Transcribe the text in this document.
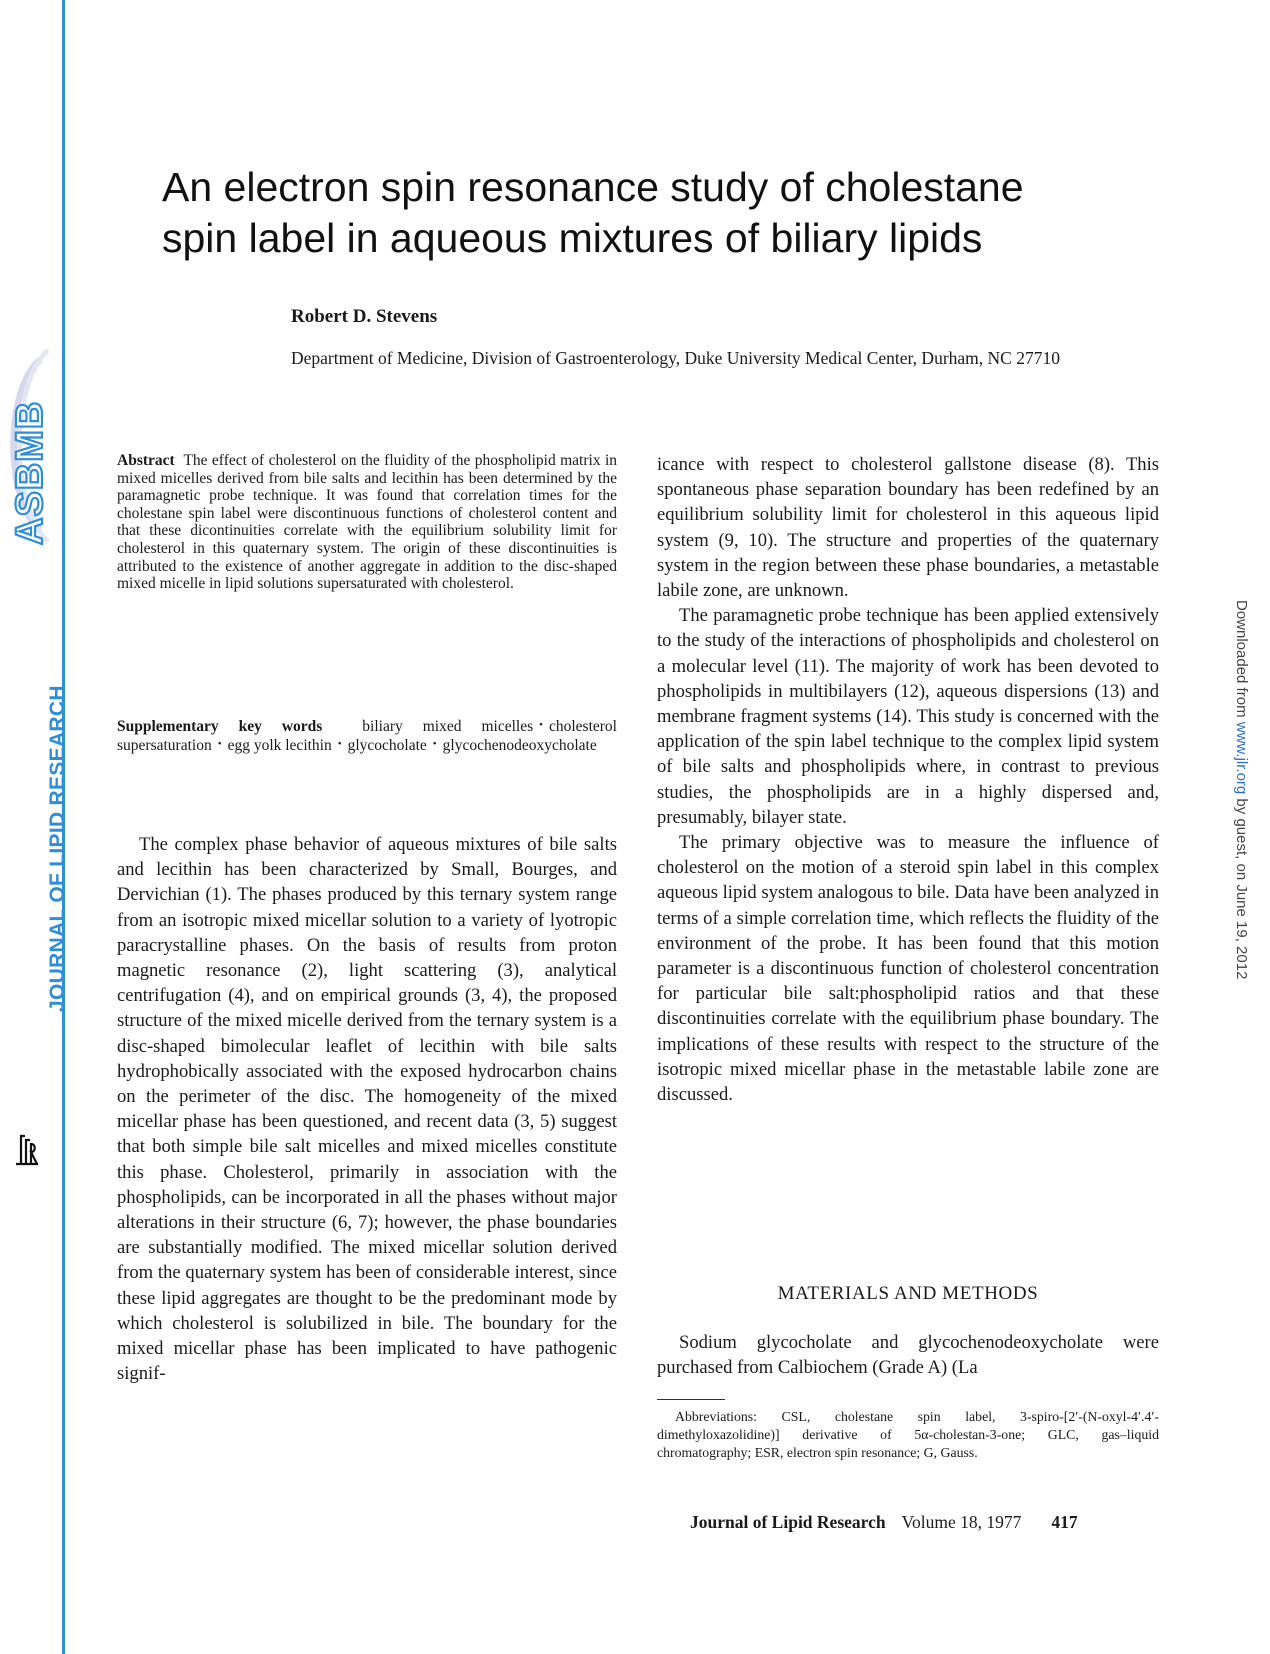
ASBMB
JOURNAL OF LIPID RESEARCH
JLR
Downloaded from www.jlr.org by guest, on June 19, 2012
An electron spin resonance study of cholestane
spin label in aqueous mixtures of biliary lipids
Robert D. Stevens
Department of Medicine, Division of Gastroenterology, Duke University Medical Center, Durham, NC 27710
Abstract The effect of cholesterol on the fluidity of the phospholipid matrix in mixed micelles derived from bile salts and lecithin has been determined by the paramagnetic probe technique. It was found that correlation times for the cholestane spin label were discontinuous functions of cholesterol content and that these dicontinuities correlate with the equilibrium solubility limit for cholesterol in this quaternary system. The origin of these discontinuities is attributed to the existence of another aggregate in addition to the disc-shaped mixed micelle in lipid solutions supersaturated with cholesterol.
Supplementary key words	biliary mixed micelles • cholesterol supersaturation • egg yolk lecithin • glycocholate • glycochenodeoxycholate

The complex phase behavior of aqueous mixtures of bile salts and lecithin has been characterized by Small, Bourges, and Dervichian (1). The phases produced by this ternary system range from an isotropic mixed micellar solution to a variety of lyotropic paracrystalline phases. On the basis of results from proton magnetic resonance (2), light scattering (3), analytical centrifugation (4), and on empirical grounds (3, 4), the proposed structure of the mixed micelle derived from the ternary system is a disc-shaped bimolecular leaflet of lecithin with bile salts hydrophobically associated with the exposed hydrocarbon chains on the perimeter of the disc. The homogeneity of the mixed micellar phase has been questioned, and recent data (3, 5) suggest that both simple bile salt micelles and mixed micelles constitute this phase. Cholesterol, primarily in association with the phospholipids, can be incorporated in all the phases without major alterations in their structure (6, 7); however, the phase boundaries are substantially modified. The mixed micellar solution derived from the quaternary system has been of considerable interest, since these lipid aggregates are thought to be the predominant mode by which cholesterol is solubilized in bile. The boundary for the mixed micellar phase has been implicated to have pathogenic signif-

icance with respect to cholesterol gallstone disease (8). This spontaneous phase separation boundary has been redefined by an equilibrium solubility limit for cholesterol in this aqueous lipid system (9, 10). The structure and properties of the quaternary system in the region between these phase boundaries, a metastable labile zone, are unknown.

The paramagnetic probe technique has been applied extensively to the study of the interactions of phospholipids and cholesterol on a molecular level (11). The majority of work has been devoted to phospholipids in multibilayers (12), aqueous dispersions (13) and membrane fragment systems (14). This study is concerned with the application of the spin label technique to the complex lipid system of bile salts and phospholipids where, in contrast to previous studies, the phospholipids are in a highly dispersed and, presumably, bilayer state.

The primary objective was to measure the influence of cholesterol on the motion of a steroid spin label in this complex aqueous lipid system analogous to bile. Data have been analyzed in terms of a simple correlation time, which reflects the fluidity of the environment of the probe. It has been found that this motion parameter is a discontinuous function of cholesterol concentration for particular bile salt:phospholipid ratios and that these discontinuities correlate with the equilibrium phase boundary. The implications of these results with respect to the structure of the isotropic mixed micellar phase in the metastable labile zone are discussed.

MATERIALS AND METHODS

Sodium glycocholate and glycochenodeoxycholate were purchased from Calbiochem (Grade A) (La

Abbreviations: CSL, cholestane spin label, 3-spiro-[2′-(N-oxyl-4′.4′-dimethyloxazolidine)] derivative of 5α-cholestan-3-one; GLC, gas–liquid chromatography; ESR, electron spin resonance; G, Gauss.
Journal of Lipid Research Volume 18, 1977 417
